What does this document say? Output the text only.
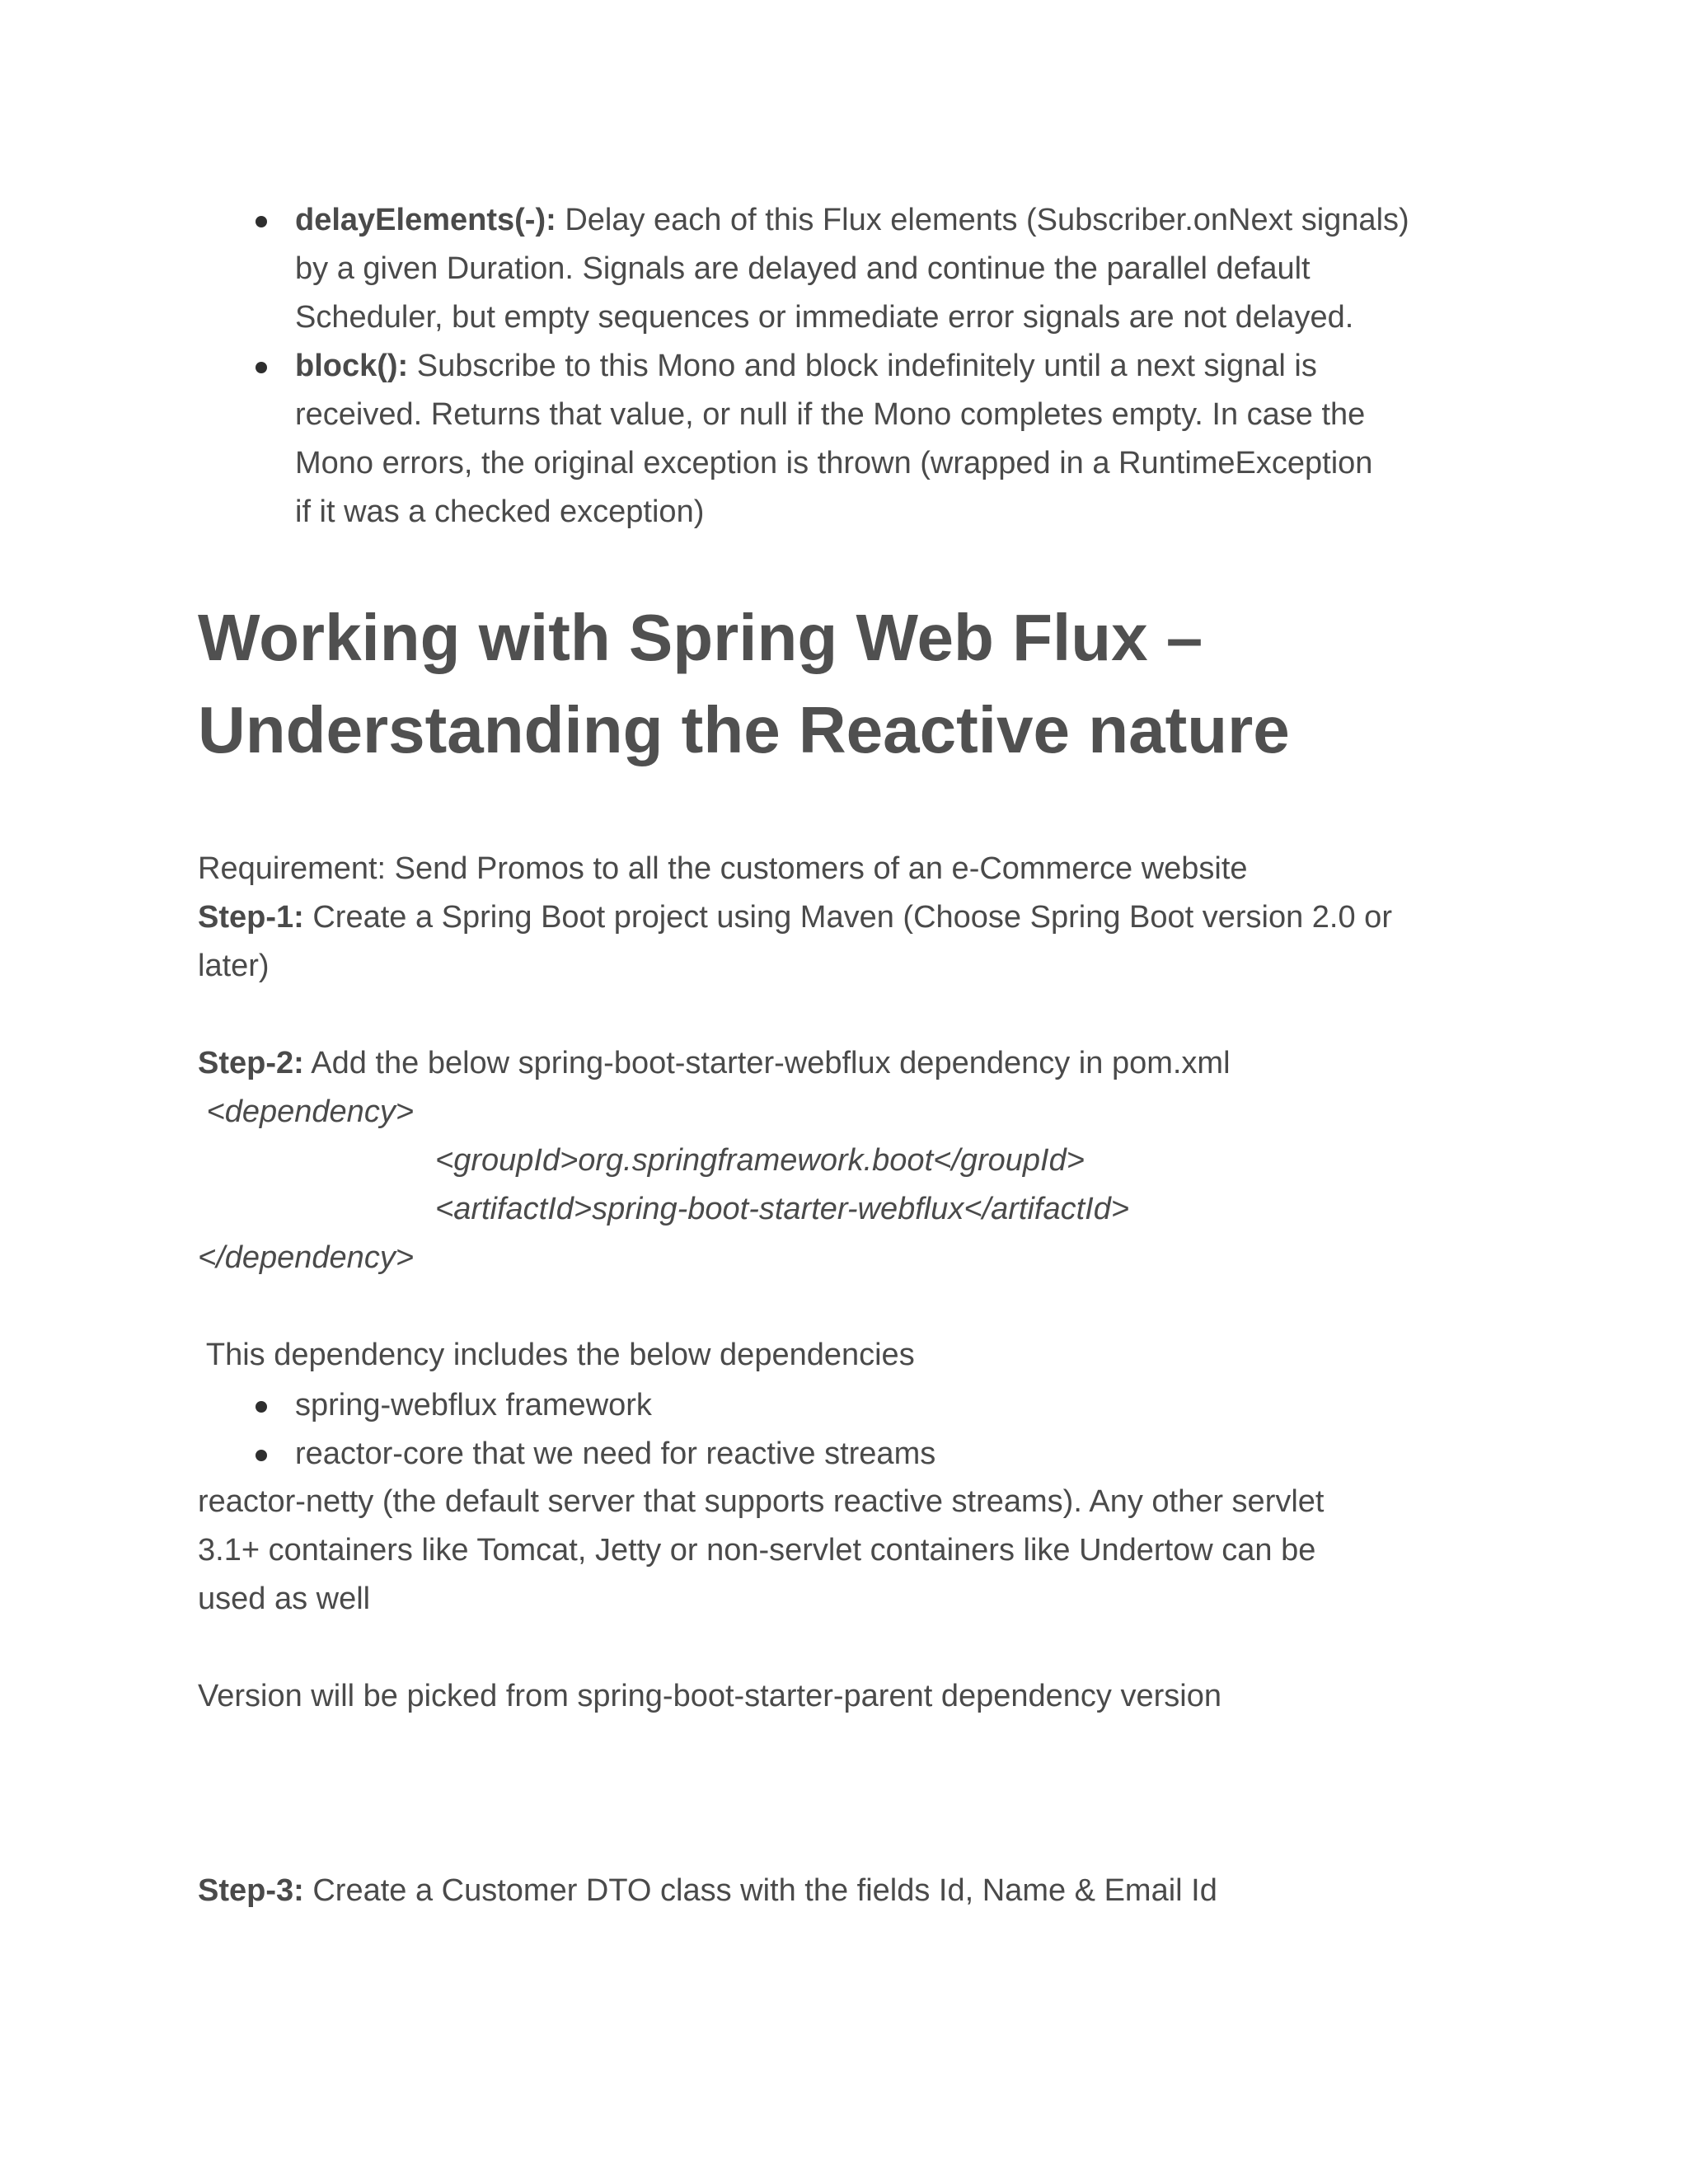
delayElements(-): Delay each of this Flux elements (Subscriber.onNext signals)
by a given Duration. Signals are delayed and continue the parallel default
Scheduler, but empty sequences or immediate error signals are not delayed.
block(): Subscribe to this Mono and block indefinitely until a next signal is
received. Returns that value, or null if the Mono completes empty. In case the
Mono errors, the original exception is thrown (wrapped in a RuntimeException
if it was a checked exception)
Working with Spring Web Flux –
Understanding the Reactive nature
Requirement: Send Promos to all the customers of an e-Commerce website
Step-1: Create a Spring Boot project using Maven (Choose Spring Boot version 2.0 or
later)
Step-2: Add the below spring-boot-starter-webflux dependency in pom.xml
<dependency>
<groupId>org.springframework.boot</groupId>
<artifactId>spring-boot-starter-webflux</artifactId>
</dependency>
This dependency includes the below dependencies
spring-webflux framework
reactor-core that we need for reactive streams
reactor-netty (the default server that supports reactive streams). Any other servlet
3.1+ containers like Tomcat, Jetty or non-servlet containers like Undertow can be
used as well
Version will be picked from spring-boot-starter-parent dependency version
Step-3: Create a Customer DTO class with the fields Id, Name & Email Id
